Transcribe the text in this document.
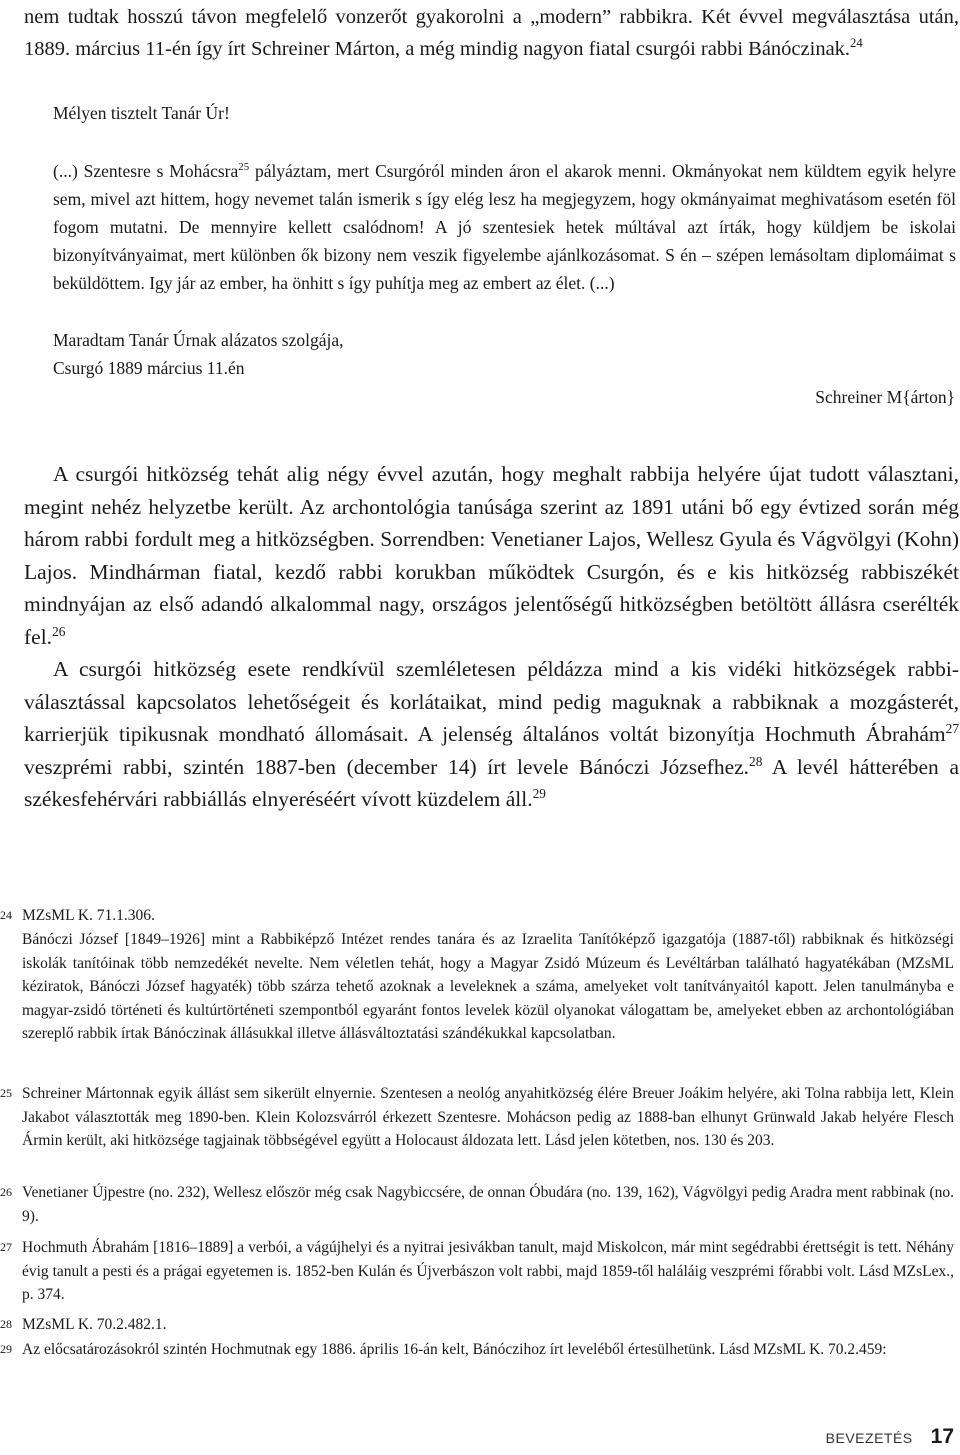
nem tudtak hosszú távon megfelelő vonzerőt gyakorolni a „modern” rabbikra. Két évvel megválasztása után, 1889. március 11-én így írt Schreiner Márton, a még mindig nagyon fiatal csurgói rabbi Bánóczinak.$^{24}$

Mélyen tisztelt Tanár Úr!

(...) Szentesre s Mohácsra$^{25}$ pályáztam, mert Csurgóról minden áron el akarok menni. Okmányokat nem küldtem egyik helyre sem, mivel azt hittem, hogy nevemet talán ismerik s így elég lesz ha megjegyzem, hogy okmányaimat meghivatásom esetén föl fogom mutatni. De mennyire kellett csalódnom! A jó szentesiek hetek múltával azt írták, hogy küldjem be iskolai bizonyítványaimat, mert különben ők bizony nem veszik figyelembe ajánlkozásomat. S én – szépen lemásoltam diplomáimat s beküldöttem. Igy jár az ember, ha önhitt s így puhítja meg az embert az élet. (...)

Maradtam Tanár Úrnak alázatos szolgája,
Csurgó 1889 március 11.én
Schreiner M{árton}

A csurgói hitközség tehát alig négy évvel azután, hogy meghalt rabbija helyére újat tudott választani, megint nehéz helyzetbe került. Az archontológia tanúsága szerint az 1891 utáni bő egy évtized során még három rabbi fordult meg a hitközségben. Sorrendben: Venetianer Lajos, Wellesz Gyula és Vágvölgyi (Kohn) Lajos. Mindhárman fiatal, kezdő rabbi korukban működtek Csurgón, és e kis hitközség rabbiszékét mindnyájan az első adandó alkalommal nagy, országos jelentőségű hitközségben betöltött állásra cserélték fel.$^{26}$

A csurgói hitközség esete rendkívül szemléletesen példázza mind a kis vidéki hitközségek rabbi-választással kapcsolatos lehetőségeit és korlátaikat, mind pedig maguknak a rabbiknak a mozgásterét, karrierjük tipikusnak mondható állomásait. A jelenség általános voltát bizonyítja Hochmuth Ábrahám$^{27}$ veszprémi rabbi, szintén 1887-ben (december 14) írt levele Bánóczi Józsefhez.$^{28}$ A levél hátterében a székesfehérvári rabbiállás elnyeréséért vívott küzdelem áll.$^{29}$

24 MZsML K. 71.1.306.
Bánóczi József [1849–1926] mint a Rabbiképző Intézet rendes tanára és az Izraelita Tanítóképző igazgatója (1887-től) rabbiknak és hitközségi iskolák tanítóinak több nemzedékét nevelte. Nem véletlen tehát, hogy a Magyar Zsidó Múzeum és Levéltárban található hagyatékában (MZsML kéziratok, Bánóczi József hagyaték) több szárza tehető azoknak a leveleknek a száma, amelyeket volt tanítványaitól kapott. Jelen tanulmányba e magyar-zsidó történeti és kultúrtörténeti szempontból egyaránt fontos levelek közül olyanokat válogattam be, amelyeket ebben az archontológiában szereplő rabbik írtak Bánóczinak állásukkal illetve állásváltoztatási szándékukkal kapcsolatban.
25 Schreiner Mártonnak egyik állást sem sikerült elnyernie. Szentesen a neológ anyahitközség élére Breuer Joákim helyére, aki Tolna rabbija lett, Klein Jakabot választották meg 1890-ben. Klein Kolozsvárról érkezett Szentesre. Mohácson pedig az 1888-ban elhunyt Grünwald Jakab helyére Flesch Ármin került, aki hitközsége tagjainak többségével együtt a Holocaust áldozata lett. Lásd jelen kötetben, nos. 130 és 203.
26 Venetianer Újpestre (no. 232), Wellesz először még csak Nagybiccsére, de onnan Óbudára (no. 139, 162), Vágvölgyi pedig Aradra ment rabbinak (no. 9).
27 Hochmuth Ábrahám [1816–1889] a verbói, a vágújhelyi és a nyitrai jesivákban tanult, majd Miskolcon, már mint segédrabbi érettségit is tett. Néhány évig tanult a pesti és a prágai egyetemen is. 1852-ben Kulán és Újverbászon volt rabbi, majd 1859-től haláláig veszprémi főrabbi volt. Lásd MZsLex., p. 374.
28 MZsML K. 70.2.482.1.
29 Az előcsatározásokról szintén Hochmutnak egy 1886. április 16-án kelt, Bánóczihoz írt leveléből értesülhetünk. Lásd MZsML K. 70.2.459:
BEVEZETÉS 17
